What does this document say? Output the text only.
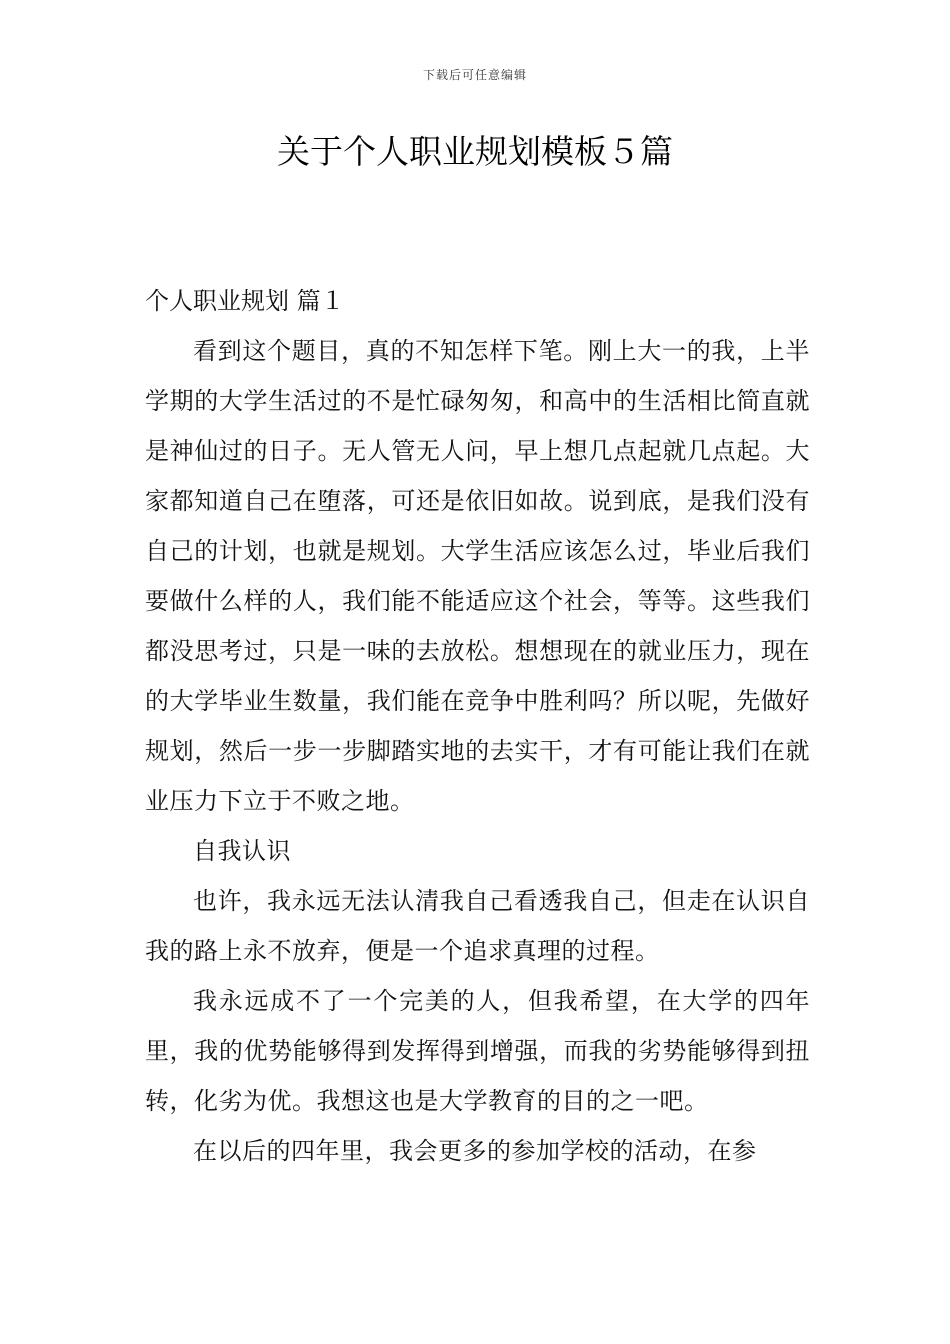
下载后可任意编辑
关于个人职业规划模板５篇

个人职业规划 篇１

看到这个题目，真的不知怎样下笔。刚上大一的我，上半学期的大学生活过的不是忙碌匆匆，和高中的生活相比简直就是神仙过的日子。无人管无人问，早上想几点起就几点起。大家都知道自己在堕落，可还是依旧如故。说到底，是我们没有自己的计划，也就是规划。大学生活应该怎么过，毕业后我们要做什么样的人，我们能不能适应这个社会，等等。这些我们都没思考过，只是一味的去放松。想想现在的就业压力，现在的大学毕业生数量，我们能在竞争中胜利吗？所以呢，先做好规划，然后一步一步脚踏实地的去实干，才有可能让我们在就业压力下立于不败之地。

自我认识

也许，我永远无法认清我自己看透我自己，但走在认识自我的路上永不放弃，便是一个追求真理的过程。

我永远成不了一个完美的人，但我希望，在大学的四年里，我的优势能够得到发挥得到增强，而我的劣势能够得到扭转，化劣为优。我想这也是大学教育的目的之一吧。

在以后的四年里，我会更多的参加学校的活动，在参
